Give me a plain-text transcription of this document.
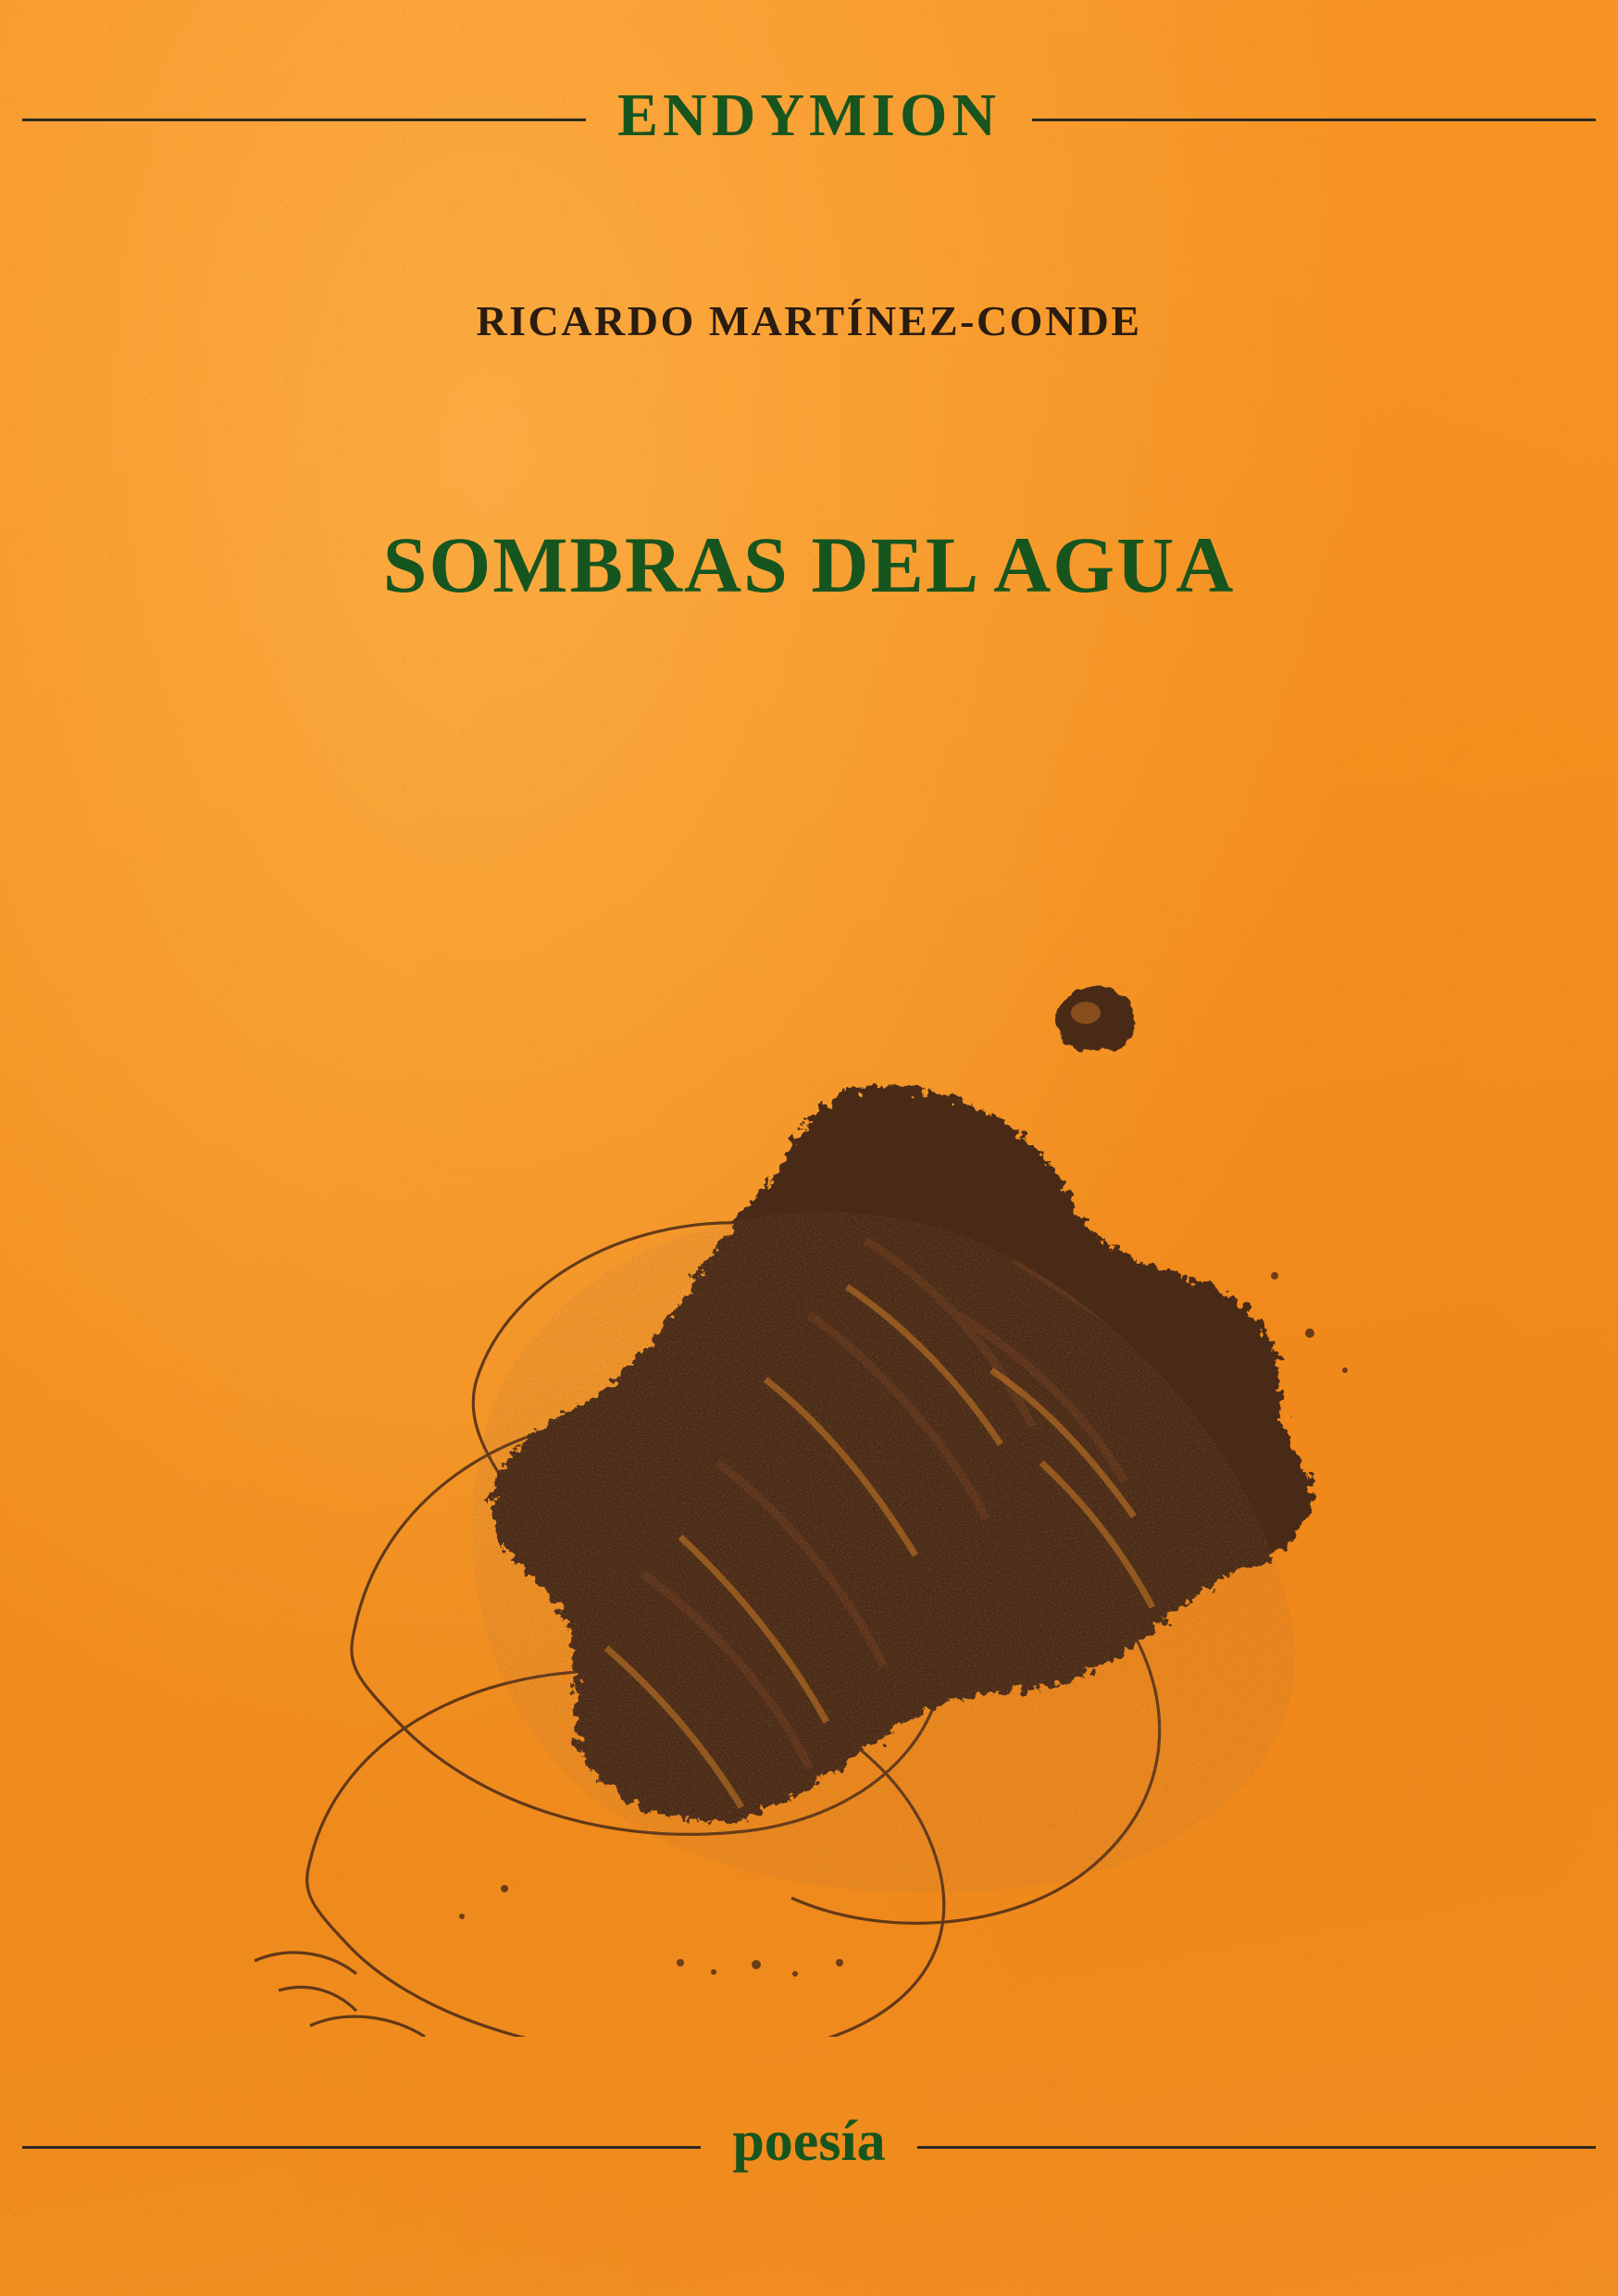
ENDYMION
RICARDO MARTÍNEZ-CONDE
SOMBRAS DEL AGUA
poesía
